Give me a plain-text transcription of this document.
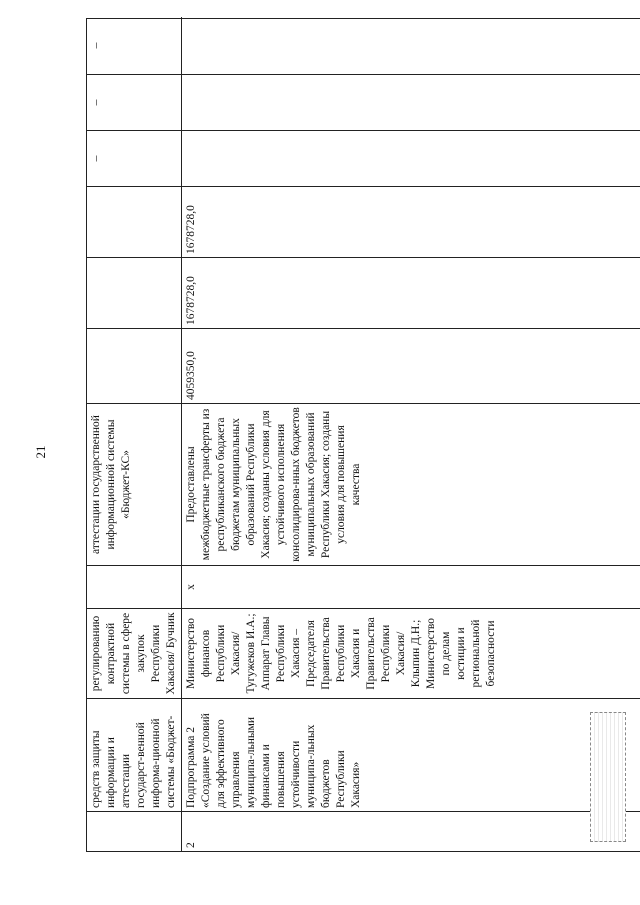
21
средств защиты информации и аттестации государст-венной информа-ционной системы «Бюджет-
регулированию контрактной системы в сфере закупок Республики Хакасия/ Бучник Д.А.
аттестации государственной информационной системы «Бюджет-КС»
–
–
–
2
Подпрограмма 2 «Создание условий для эффективного управления муниципа-льными финансами и повышения устойчивости муниципа-льных бюджетов Республики Хакасия»
Министерство финансов Республики Хакасия/ Тугужеков И.А.; Аппарат Главы Республики Хакасия – Председателя Правительства Республики Хакасия и Правительства Республики Хакасия/ Клыпин Д.Н.; Министерство по делам юстиции и региональной безопасности
х
Предоставлены межбюджетные трансферты из республиканского бюджета бюджетам муниципальных образований Республики Хакасия; созданы условия для устойчивого исполнения консолидирова-нных бюджетов муниципальных образований Республики Хакасия; созданы условия для повышения качества
4059350,0
1678728,0
1678728,0
